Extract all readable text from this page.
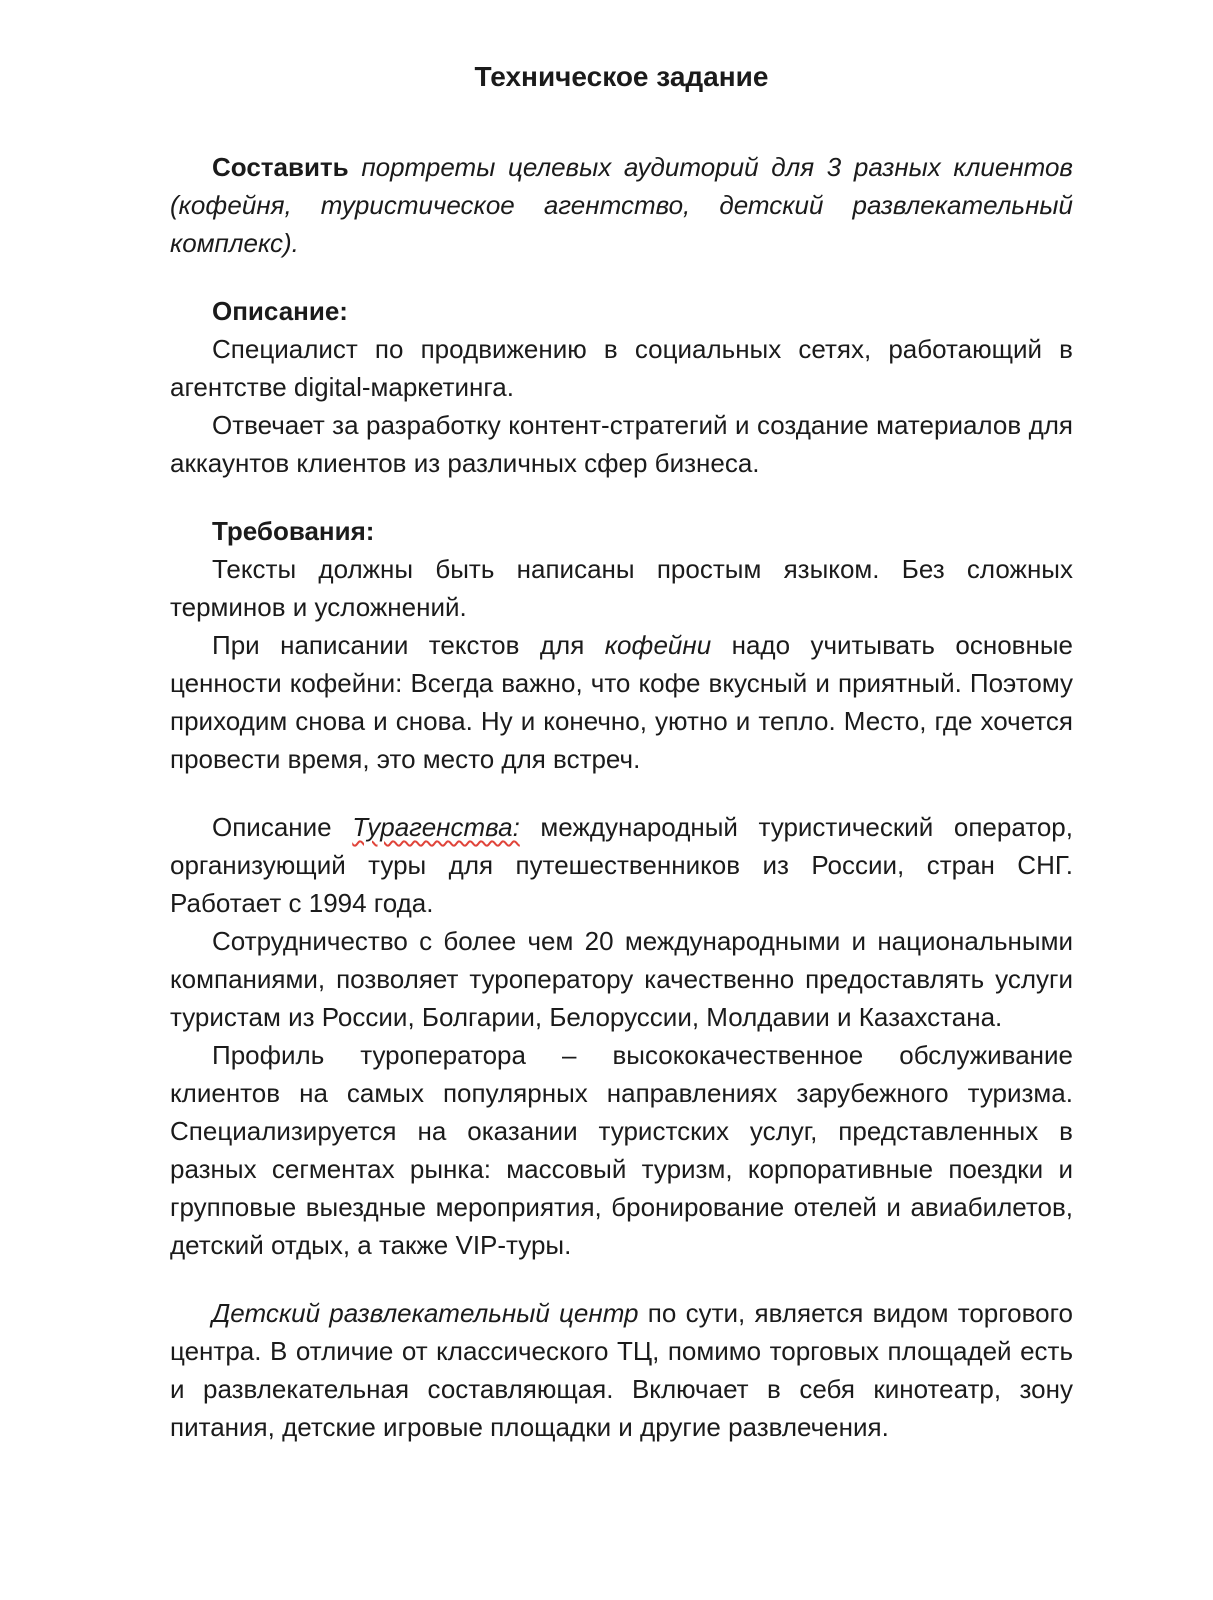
Техническое задание

Составить портреты целевых аудиторий для 3 разных клиентов (кофейня, туристическое агентство, детский развлекательный комплекс).

Описание:

Специалист по продвижению в социальных сетях, работающий в агентстве digital-маркетинга.

Отвечает за разработку контент-стратегий и создание материалов для аккаунтов клиентов из различных сфер бизнеса.

Требования:

Тексты должны быть написаны простым языком. Без сложных терминов и усложнений.

При написании текстов для кофейни надо учитывать основные ценности кофейни: Всегда важно, что кофе вкусный и приятный. Поэтому приходим снова и снова. Ну и конечно, уютно и тепло. Место, где хочется провести время, это место для встреч.

Описание Турагенства: международный туристический оператор, организующий туры для путешественников из России, стран СНГ. Работает с 1994 года.

Сотрудничество с более чем 20 международными и национальными компаниями, позволяет туроператору качественно предоставлять услуги туристам из России, Болгарии, Белоруссии, Молдавии и Казахстана.

Профиль туроператора – высококачественное обслуживание клиентов на самых популярных направлениях зарубежного туризма. Специализируется на оказании туристских услуг, представленных в разных сегментах рынка: массовый туризм, корпоративные поездки и групповые выездные мероприятия, бронирование отелей и авиабилетов, детский отдых, а также VIP-туры.

Детский развлекательный центр по сути, является видом торгового центра. В отличие от классического ТЦ, помимо торговых площадей есть и развлекательная составляющая. Включает в себя кинотеатр, зону питания, детские игровые площадки и другие развлечения.
